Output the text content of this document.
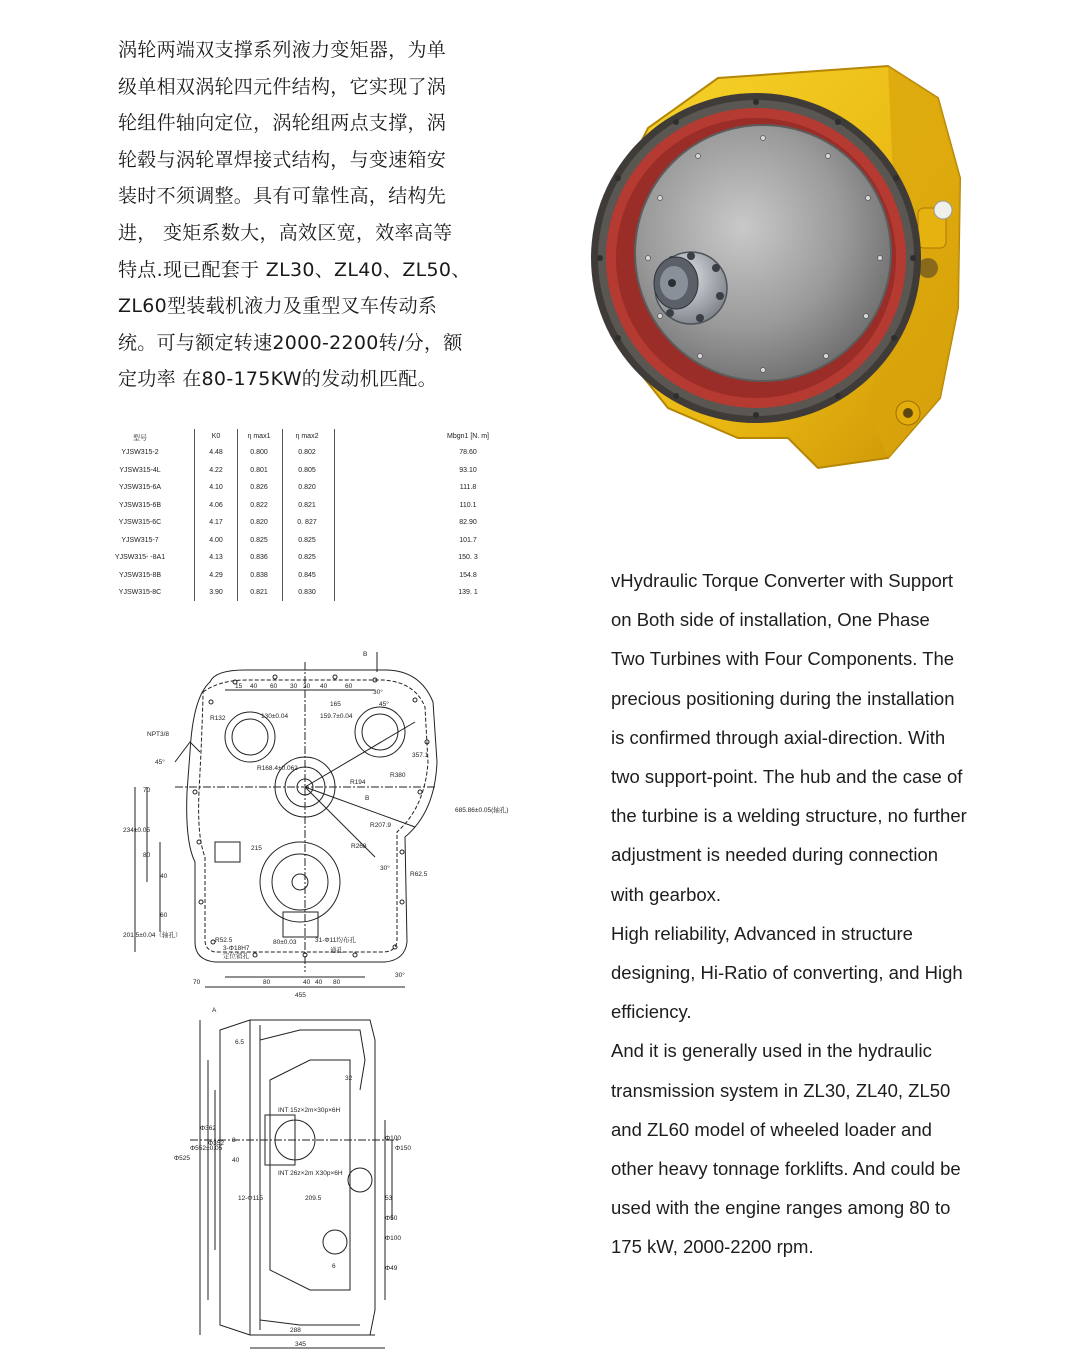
涡轮两端双支撑系列液力变矩器，为单

级单相双涡轮四元件结构，它实现了涡

轮组件轴向定位，涡轮组两点支撑，涡

轮毂与涡轮罩焊接式结构，与变速箱安

装时不须调整。具有可靠性高，结构先

进， 变矩系数大，高效区宽，效率高等

特点.现已配套于 ZL30、ZL40、ZL50、

ZL60型装载机液力及重型叉车传动系

统。可与额定转速2000-2200转/分，额

定功率 在80-175KW的发动机匹配。

型号	K0	η max1	η max2	Mbgn1 [N. m]
YJSW315-2	4.48	0.800	0.802	78.60
YJSW315-4L	4.22	0.801	0.805	93.10
YJSW315-6A	4.10	0.826	0.820	111.8
YJSW315-6B	4.06	0.822	0.821	110.1
YJSW315-6C	4.17	0.820	0. 827	82.90
YJSW315-7	4.00	0.825	0.825	101.7
YJSW315- -8A1	4.13	0.836	0.825	150. 3
YJSW315-8B	4.29	0.838	0.845	154.8
YJSW315-8C	3.90	0.821	0.830	139. 1

vHydraulic Torque Converter with Support

on Both side of installation, One Phase

Two Turbines with Four Components. The

precious positioning during the installation

is confirmed through axial-direction. With

two support-point. The hub and the case of

the turbine is a welding structure, no further

adjustment is needed during connection

with gearbox.

High reliability, Advanced in structure

designing, Hi-Ratio of converting, and High

efficiency.

And it is generally used in the hydraulic

transmission system in ZL30, ZL40, ZL50

and ZL60 model of wheeled loader and

other heavy tonnage forklifts. And could be

used with the engine ranges among 80 to

175 kW, 2000-2200 rpm.

B
B
NPT3/8
45°
30°
45°
15 40 60 30 30 40	60
165
130±0.04	159.7±0.04
R132
R168.4±0.062
R194
R380
357.1
R207.9
R268
215
R62.5
30°
70
80
40
60
234±0.05
201.5±0.04（轴孔）
685.86±0.05(轴孔)
R52.5
3-Φ18H7
定位销孔
80±0.03	31-Φ11均布孔
通孔
30°
80	40 40 80
455
70
A
6.5
32
INT 15z×2m×30p×6H
INT 26z×2m X30p×6H
8
40
Φ525
Φ552±0.05
Φ362
Φ352
12-Φ115	209.5	53
Φ100
Φ150
Φ50
Φ100
Φ49
6
288
345
